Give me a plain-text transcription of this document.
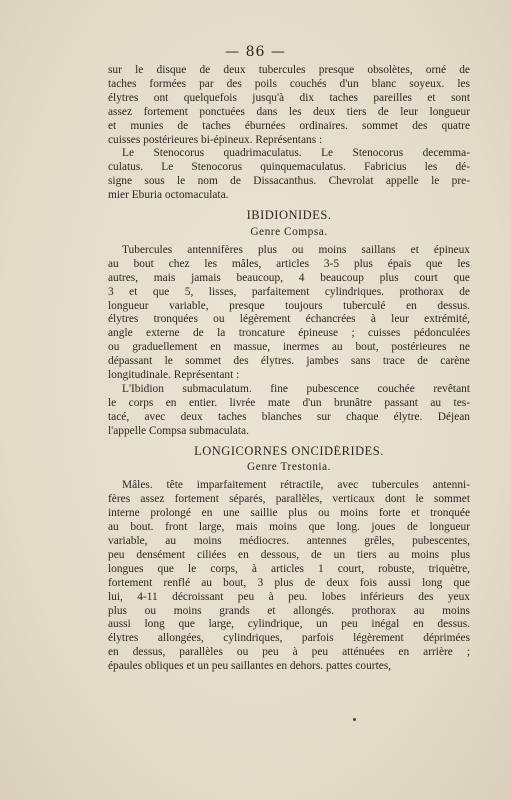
— 86 —
sur le disque de deux tubercules presque obsolètes, orné de
taches formées par des poils couchés d'un blanc soyeux. les
élytres ont quelquefois jusqu'à dix taches pareilles et sont
assez fortement ponctuées dans les deux tiers de leur longueur
et munies de taches éburnées ordinaires. sommet des quatre
cuisses postérieures bi-épineux. Représentans :
Le Stenocorus quadrimaculatus. Le Stenocorus decemma-
culatus. Le Stenocorus quinquemaculatus. Fabricius les dé-
signe sous le nom de Dissacanthus. Chevrolat appelle le pre-
mier Eburia octomaculata.
IBIDIONIDES.
Genre Compsa.
Tubercules antennifères plus ou moins saillans et épineux
au bout chez les mâles, articles 3-5 plus épais que les
autres, mais jamais beaucoup, 4 beaucoup plus court que
3 et que 5, lisses, parfaitement cylindriques. prothorax de
longueur variable, presque toujours tuberculé en dessus.
élytres tronquées ou légèrement échancrées à leur extrémité,
angle externe de la troncature épineuse ; cuisses pédonculées
ou graduellement en massue, inermes au bout, postérieures ne
dépassant le sommet des élytres. jambes sans trace de carène
longitudinale. Représentant :
L'Ibidion submaculatum. fine pubescence couchée revêtant
le corps en entier. livrée mate d'un brunâtre passant au tes-
tacé, avec deux taches blanches sur chaque élytre. Déjean
l'appelle Compsa submaculata.
LONGICORNES ONCIDÉRIDES.
Genre Trestonia.
Mâles. tête imparfaitement rétractile, avec tubercules antenni-
fères assez fortement séparés, parallèles, verticaux dont le sommet
interne prolongé en une saillie plus ou moins forte et tronquée
au bout. front large, mais moins que long. joues de longueur
variable, au moins médiocres. antennes grêles, pubescentes,
peu densément ciliées en dessous, de un tiers au moins plus
longues que le corps, à articles 1 court, robuste, triquètre,
fortement renflé au bout, 3 plus de deux fois aussi long que
lui, 4-11 décroissant peu à peu. lobes inférieurs des yeux
plus ou moins grands et allongés. prothorax au moins
aussi long que large, cylindrique, un peu inégal en dessus.
élytres allongées, cylindriques, parfois légèrement déprimées
en dessus, parallèles ou peu à peu atténuées en arrière ;
épaules obliques et un peu saillantes en dehors. pattes courtes,
